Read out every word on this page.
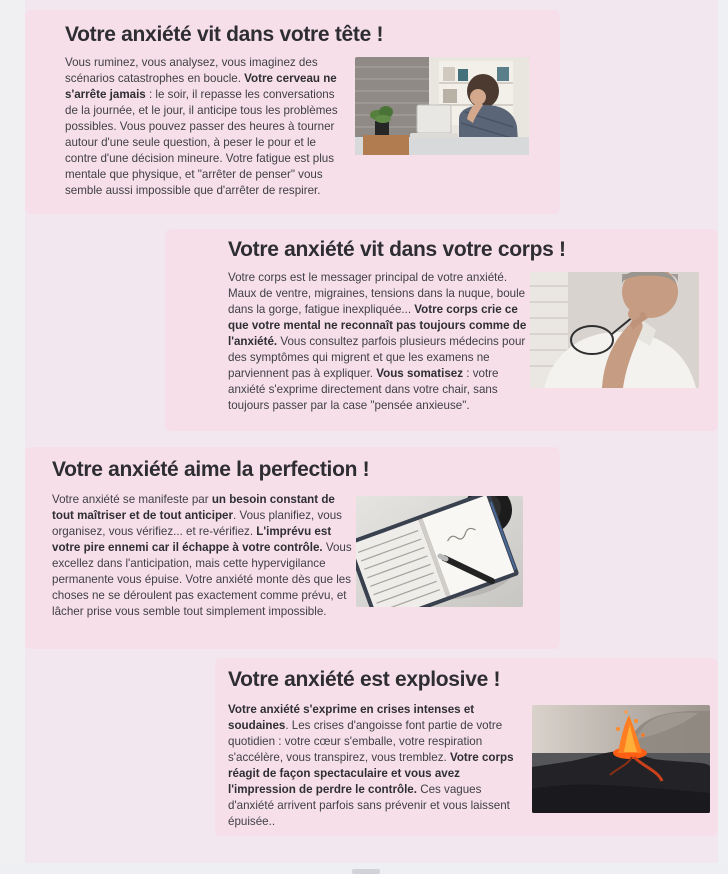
Votre anxiété vit dans votre tête !

Vous ruminez, vous analysez, vous imaginez des scénarios catastrophes en boucle. Votre cerveau ne s'arrête jamais : le soir, il repasse les conversations de la journée, et le jour, il anticipe tous les problèmes possibles. Vous pouvez passer des heures à tourner autour d'une seule question, à peser le pour et le contre d'une décision mineure. Votre fatigue est plus mentale que physique, et "arrêter de penser" vous semble aussi impossible que d'arrêter de respirer.

Votre anxiété vit dans votre corps !

Votre corps est le messager principal de votre anxiété. Maux de ventre, migraines, tensions dans la nuque, boule dans la gorge, fatigue inexpliquée... Votre corps crie ce que votre mental ne reconnaît pas toujours comme de l'anxiété. Vous consultez parfois plusieurs médecins pour des symptômes qui migrent et que les examens ne parviennent pas à expliquer. Vous somatisez : votre anxiété s'exprime directement dans votre chair, sans toujours passer par la case "pensée anxieuse".

Votre anxiété aime la perfection !

Votre anxiété se manifeste par un besoin constant de tout maîtriser et de tout anticiper. Vous planifiez, vous organisez, vous vérifiez... et re-vérifiez. L'imprévu est votre pire ennemi car il échappe à votre contrôle. Vous excellez dans l'anticipation, mais cette hypervigilance permanente vous épuise. Votre anxiété monte dès que les choses ne se déroulent pas exactement comme prévu, et lâcher prise vous semble tout simplement impossible.

Votre anxiété est explosive !

Votre anxiété s'exprime en crises intenses et soudaines. Les crises d'angoisse font partie de votre quotidien : votre cœur s'emballe, votre respiration s'accélère, vous transpirez, vous tremblez. Votre corps réagit de façon spectaculaire et vous avez l'impression de perdre le contrôle. Ces vagues d'anxiété arrivent parfois sans prévenir et vous laissent épuisée..
